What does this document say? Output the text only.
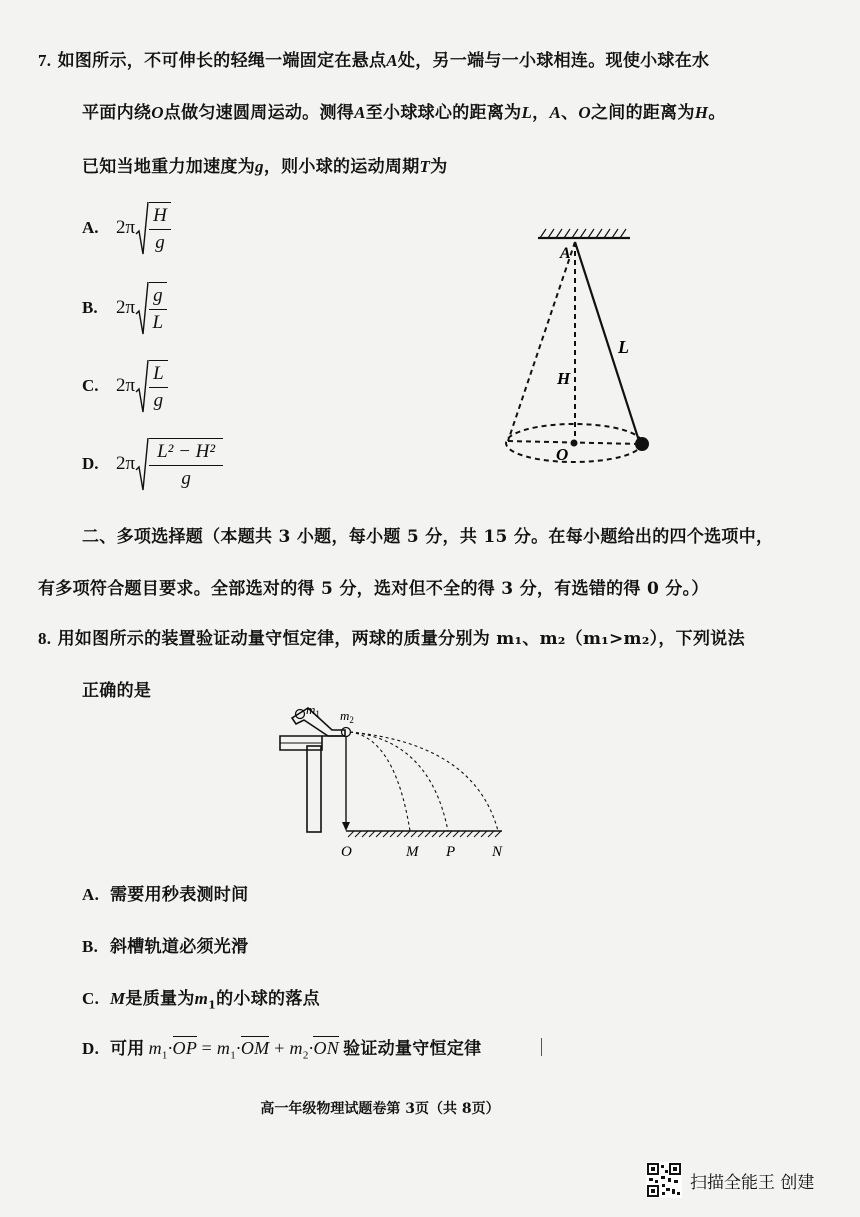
7. 如图所示，不可伸长的轻绳一端固定在悬点A处，另一端与一小球相连。现使小球在水
平面内绕O点做匀速圆周运动。测得A至小球球心的距离为L，A、O之间的距离为H。
已知当地重力加速度为g，则小球的运动周期T为
A. $2\pi \frac{H}{g}$
B. $2\pi \frac{g}{L}$
C. $2\pi \frac{L}{g}$
D. $2\pi \frac{\text{L² − H²}}{g}$
A
L
H
O
二、多项选择题（本题共 3 小题，每小题 5 分，共 15 分。在每小题给出的四个选项中，
有多项符合题目要求。全部选对的得 5 分，选对但不全的得 3 分，有选错的得 0 分。）
8. 用如图所示的装置验证动量守恒定律，两球的质量分别为 m₁、m₂（m₁>m₂），下列说法
正确的是
$m_1$ $m_2$
O	M P N
A. 需要用秒表测时间
B. 斜槽轨道必须光滑
C. M是质量为$m_1$的小球的落点
D. 可用 $m_1\cdot OP = m_1\cdot OM + m_2\cdot ON$ 验证动量守恒定律
高一年级物理试题卷第 3页（共 8页）
扫描全能王 创建
